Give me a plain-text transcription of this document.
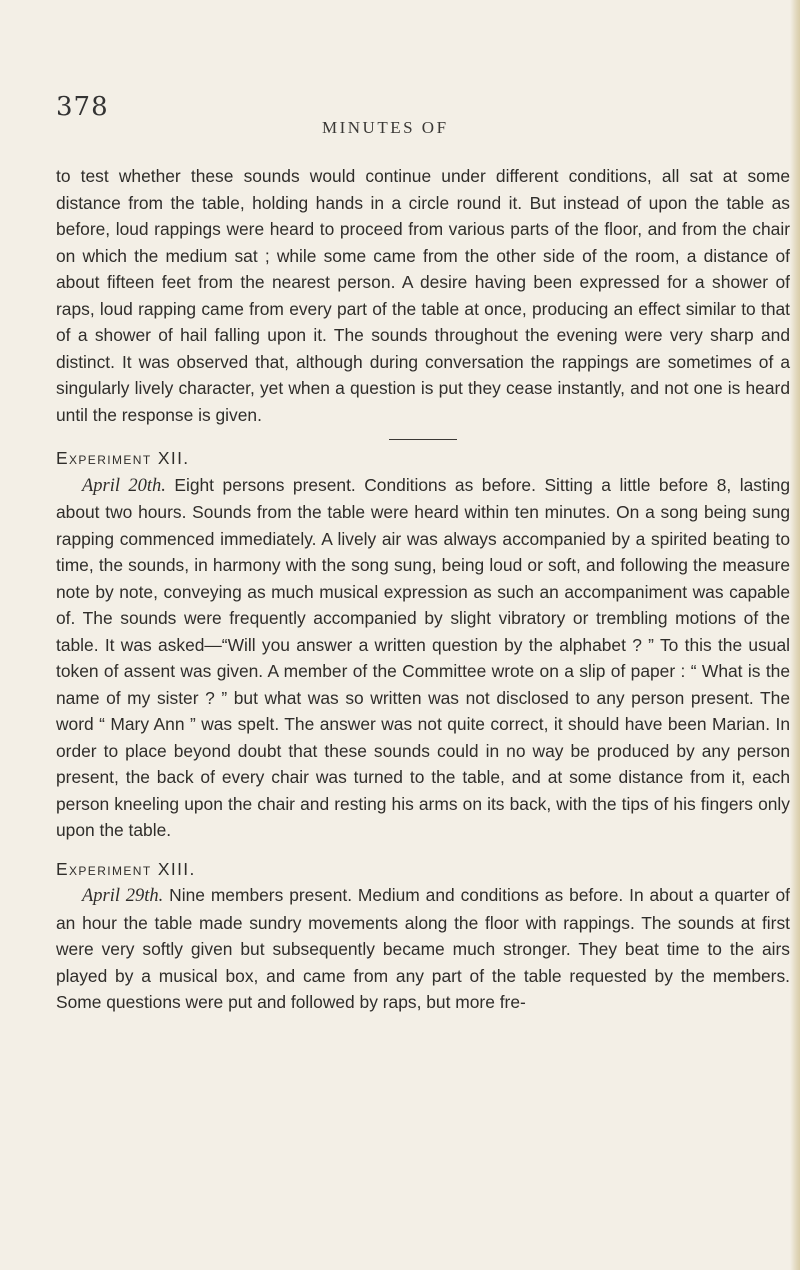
378
MINUTES OF

to test whether these sounds would continue under different conditions, all sat at some distance from the table, holding hands in a circle round it. But instead of upon the table as before, loud rappings were heard to proceed from various parts of the floor, and from the chair on which the medium sat ; while some came from the other side of the room, a distance of about fifteen feet from the nearest person. A desire having been expressed for a shower of raps, loud rapping came from every part of the table at once, producing an effect similar to that of a shower of hail falling upon it. The sounds throughout the evening were very sharp and distinct. It was observed that, although during conversation the rappings are sometimes of a singularly lively character, yet when a question is put they cease instantly, and not one is heard until the response is given.

Experiment XII.

April 20th. Eight persons present. Conditions as before. Sitting a little before 8, lasting about two hours. Sounds from the table were heard within ten minutes. On a song being sung rapping commenced immediately. A lively air was always accompanied by a spirited beating to time, the sounds, in harmony with the song sung, being loud or soft, and following the measure note by note, conveying as much musical expression as such an accompaniment was capable of. The sounds were frequently accompanied by slight vibratory or trembling motions of the table. It was asked—“Will you answer a written question by the alphabet ? ” To this the usual token of assent was given. A member of the Committee wrote on a slip of paper : “ What is the name of my sister ? ” but what was so written was not disclosed to any person present. The word “ Mary Ann ” was spelt. The answer was not quite correct, it should have been Marian. In order to place beyond doubt that these sounds could in no way be produced by any person present, the back of every chair was turned to the table, and at some distance from it, each person kneeling upon the chair and resting his arms on its back, with the tips of his fingers only upon the table.

Experiment XIII.

April 29th. Nine members present. Medium and conditions as before. In about a quarter of an hour the table made sundry movements along the floor with rappings. The sounds at first were very softly given but subsequently became much stronger. They beat time to the airs played by a musical box, and came from any part of the table requested by the members. Some questions were put and followed by raps, but more fre-
